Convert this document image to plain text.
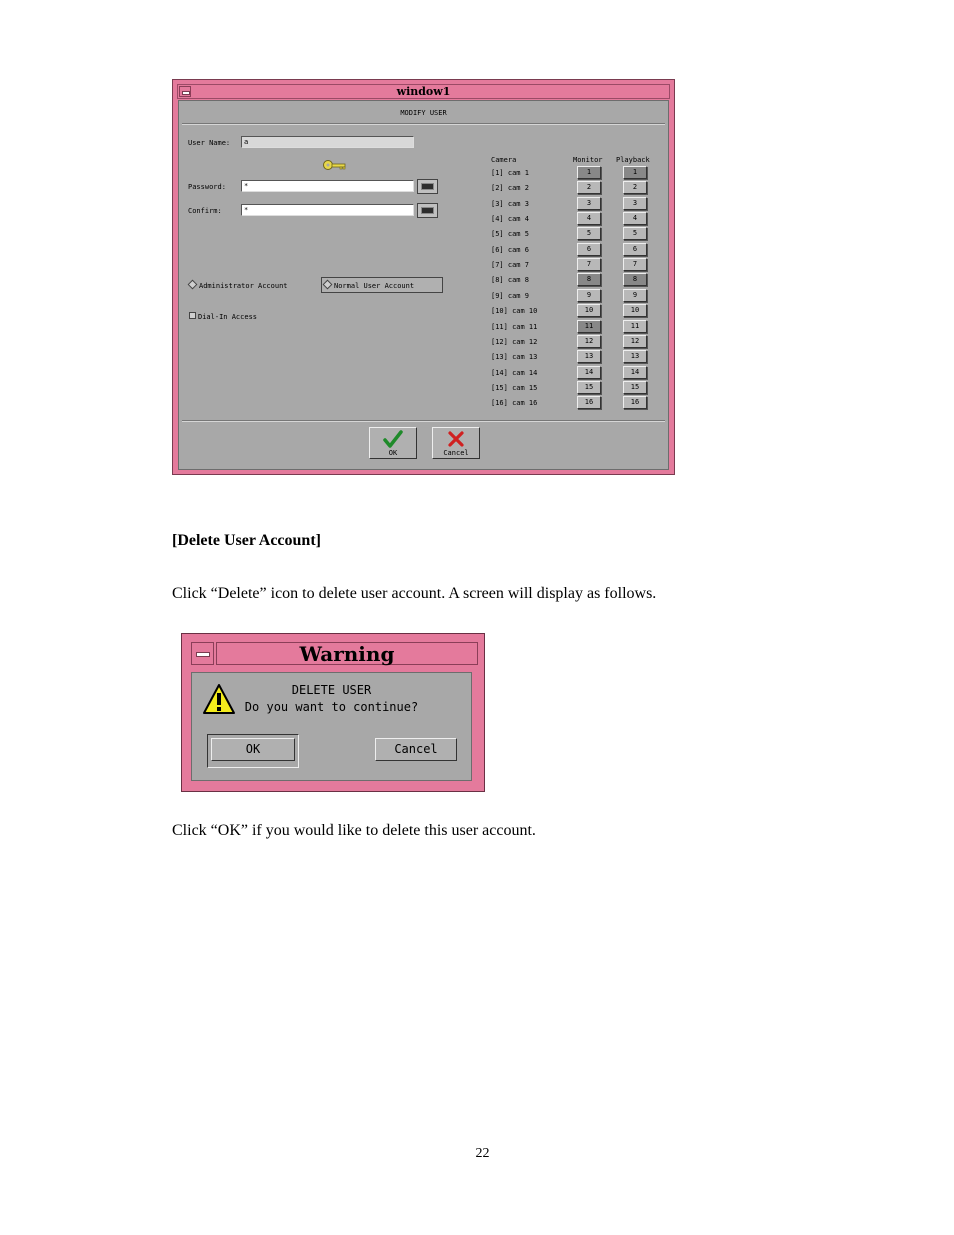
window1
MODIFY USER
User Name: a
Password:	*
Confirm:	*
Administrator Account	Normal User Account
Dial-In Access
Camera	Monitor Playback
[1] cam 1	1	1
[2] cam 2	2	2
[3] cam 3	3	3
[4] cam 4	4	4
[5] cam 5	5	5
[6] cam 6	6	6
[7] cam 7	7	7
[8] cam 8	8	8
[9] cam 9	9	9
[10] cam 10	10	10
[11] cam 11	11	11
[12] cam 12	12	12
[13] cam 13	13	13
[14] cam 14	14	14
[15] cam 15	15	15
[16] cam 16	16	16
OK	Cancel
[Delete User Account]
Click “Delete” icon to delete user account. A screen will display as follows.
Warning
DELETE USER
Do you want to continue?
OK	Cancel
Click “OK” if you would like to delete this user account.
22
